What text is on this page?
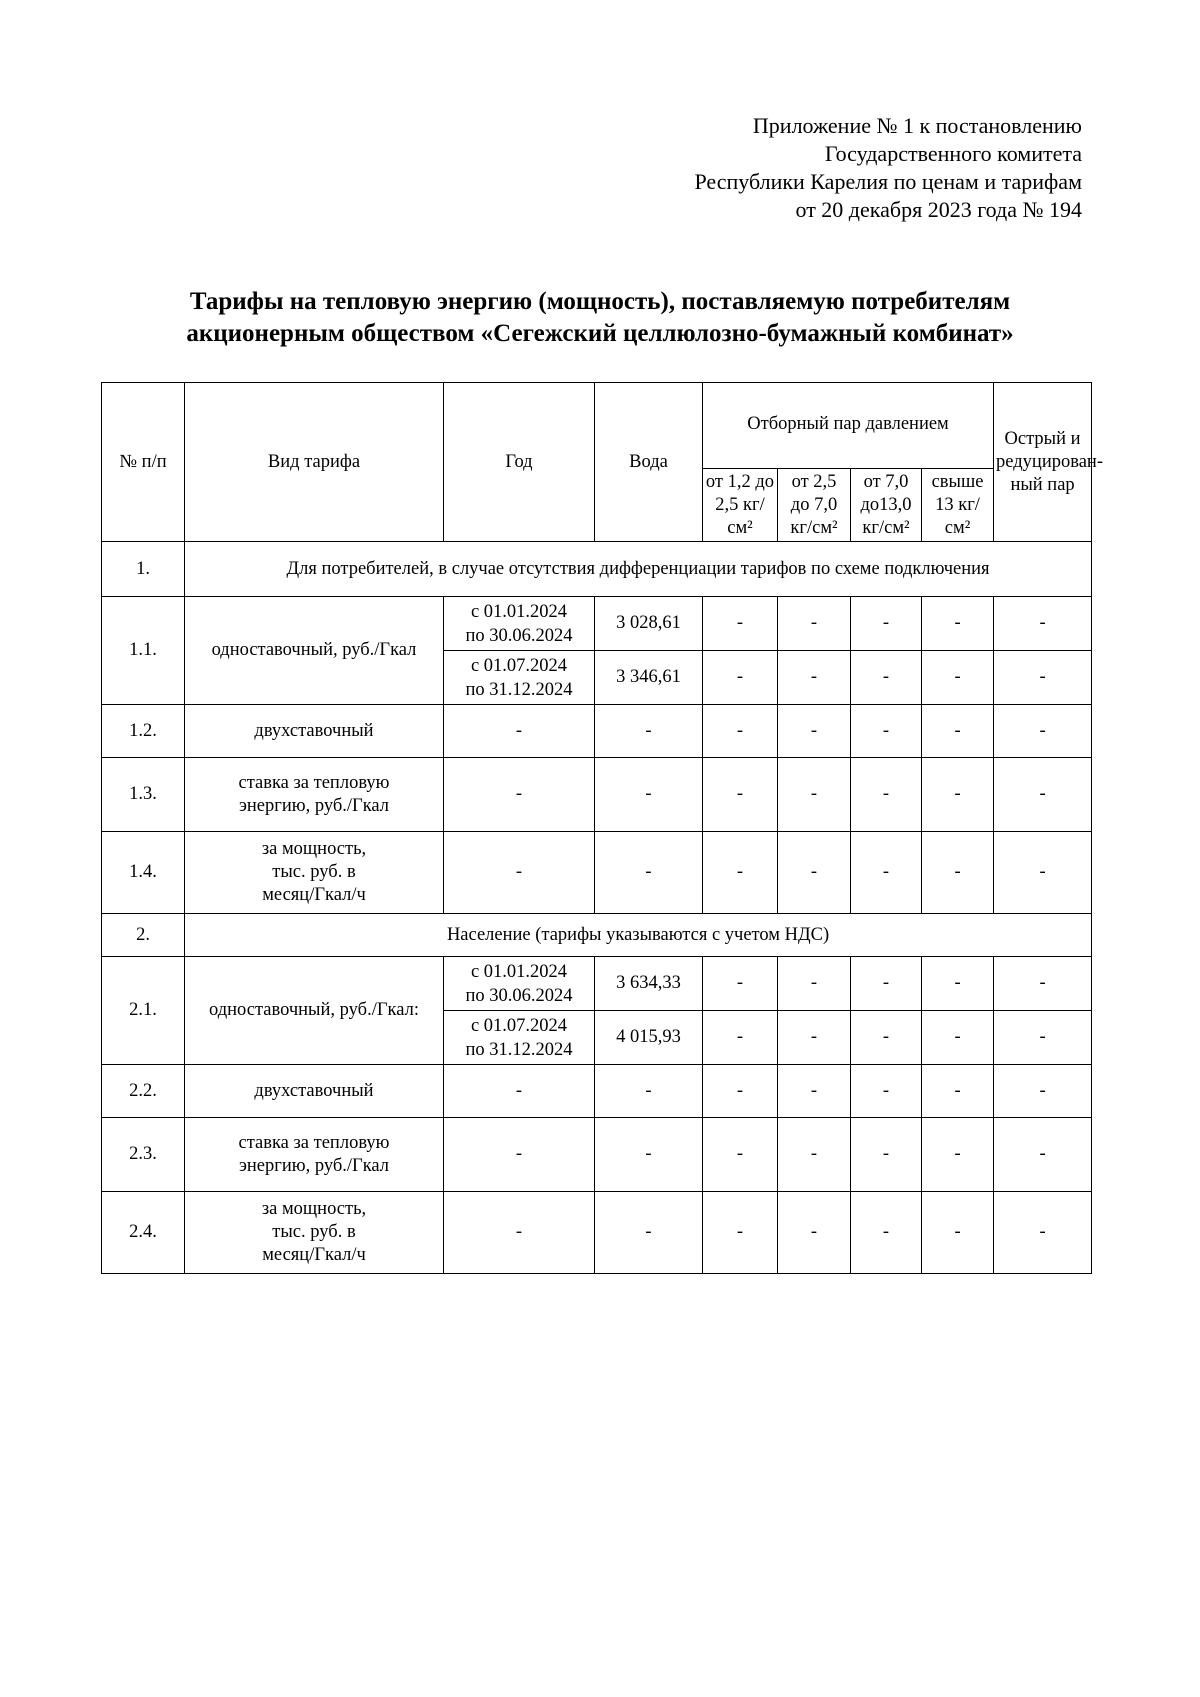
Приложение № 1 к постановлению
Государственного комитета
Республики Карелия по ценам и тарифам
от 20 декабря 2023 года № 194
Тарифы на тепловую энергию (мощность), поставляемую потребителям
акционерным обществом «Сегежский целлюлозно-бумажный комбинат»
№ п/п	Вид тарифа	Год	Вода	Отборный пар давлением				Острый и редуцирован-ный пар
				от 1,2 до 2,5 кг/см²	от 2,5 до 7,0 кг/см²	от 7,0 до13,0 кг/см²	свыше 13 кг/см²	
1.	Для потребителей, в случае отсутствия дифференциации тарифов по схеме подключения							
1.1.	одноставочный, руб./Гкал	с 01.01.2024
по 30.06.2024	3 028,61	-	-	-	-	-

		с 01.07.2024
по 31.12.2024	3 346,61	-	-	-	-	-
1.2.	двухставочный	-	-	-	-	-	-	-
1.3.	ставка за тепловую
энергию, руб./Гкал	-	-	-	-	-	-	-
1.4.	за мощность,
тыс. руб. в
месяц/Гкал/ч	-	-	-	-	-	-	-
2.	Население (тарифы указываются с учетом НДС)							
2.1.	одноставочный, руб./Гкал:	с 01.01.2024
по 30.06.2024	3 634,33	-	-	-	-	-

		с 01.07.2024
по 31.12.2024	4 015,93	-	-	-	-	-
2.2.	двухставочный	-	-	-	-	-	-	-
2.3.	ставка за тепловую
энергию, руб./Гкал	-	-	-	-	-	-	-
2.4.	за мощность,
тыс. руб. в
месяц/Гкал/ч	-	-	-	-	-	-	-
